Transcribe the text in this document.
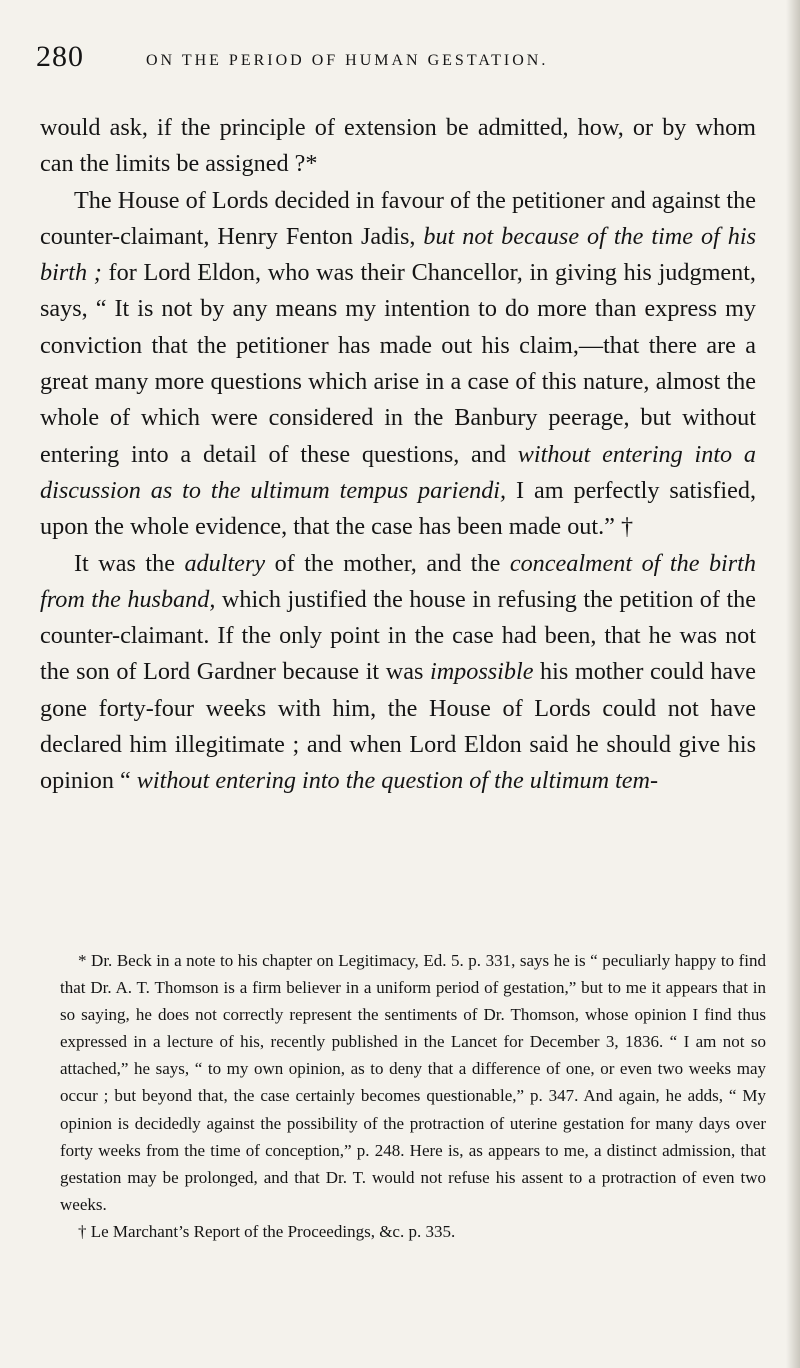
280	ON THE PERIOD OF HUMAN GESTATION.

would ask, if the principle of extension be admitted, how, or by whom can the limits be assigned ?*

The House of Lords decided in favour of the petitioner and against the counter-claimant, Henry Fenton Jadis, but not because of the time of his birth ; for Lord Eldon, who was their Chancellor, in giving his judgment, says, “ It is not by any means my intention to do more than express my conviction that the petitioner has made out his claim,—that there are a great many more questions which arise in a case of this nature, almost the whole of which were considered in the Banbury peerage, but without entering into a detail of these questions, and without entering into a discussion as to the ultimum tempus pariendi, I am perfectly satisfied, upon the whole evidence, that the case has been made out.” †

It was the adultery of the mother, and the concealment of the birth from the husband, which justified the house in refusing the petition of the counter-claimant. If the only point in the case had been, that he was not the son of Lord Gardner because it was impossible his mother could have gone forty-four weeks with him, the House of Lords could not have declared him illegitimate ; and when Lord Eldon said he should give his opinion “ without entering into the question of the ultimum tem-

* Dr. Beck in a note to his chapter on Legitimacy, Ed. 5. p. 331, says he is “ peculiarly happy to find that Dr. A. T. Thomson is a firm believer in a uniform period of gestation,” but to me it appears that in so saying, he does not correctly represent the sentiments of Dr. Thomson, whose opinion I find thus expressed in a lecture of his, recently published in the Lancet for December 3, 1836. “ I am not so attached,” he says, “ to my own opinion, as to deny that a difference of one, or even two weeks may occur ; but beyond that, the case certainly becomes questionable,” p. 347. And again, he adds, “ My opinion is decidedly against the possibility of the protraction of uterine gestation for many days over forty weeks from the time of conception,” p. 248. Here is, as appears to me, a distinct admission, that gestation may be prolonged, and that Dr. T. would not refuse his assent to a protraction of even two weeks.

† Le Marchant’s Report of the Proceedings, &c. p. 335.
